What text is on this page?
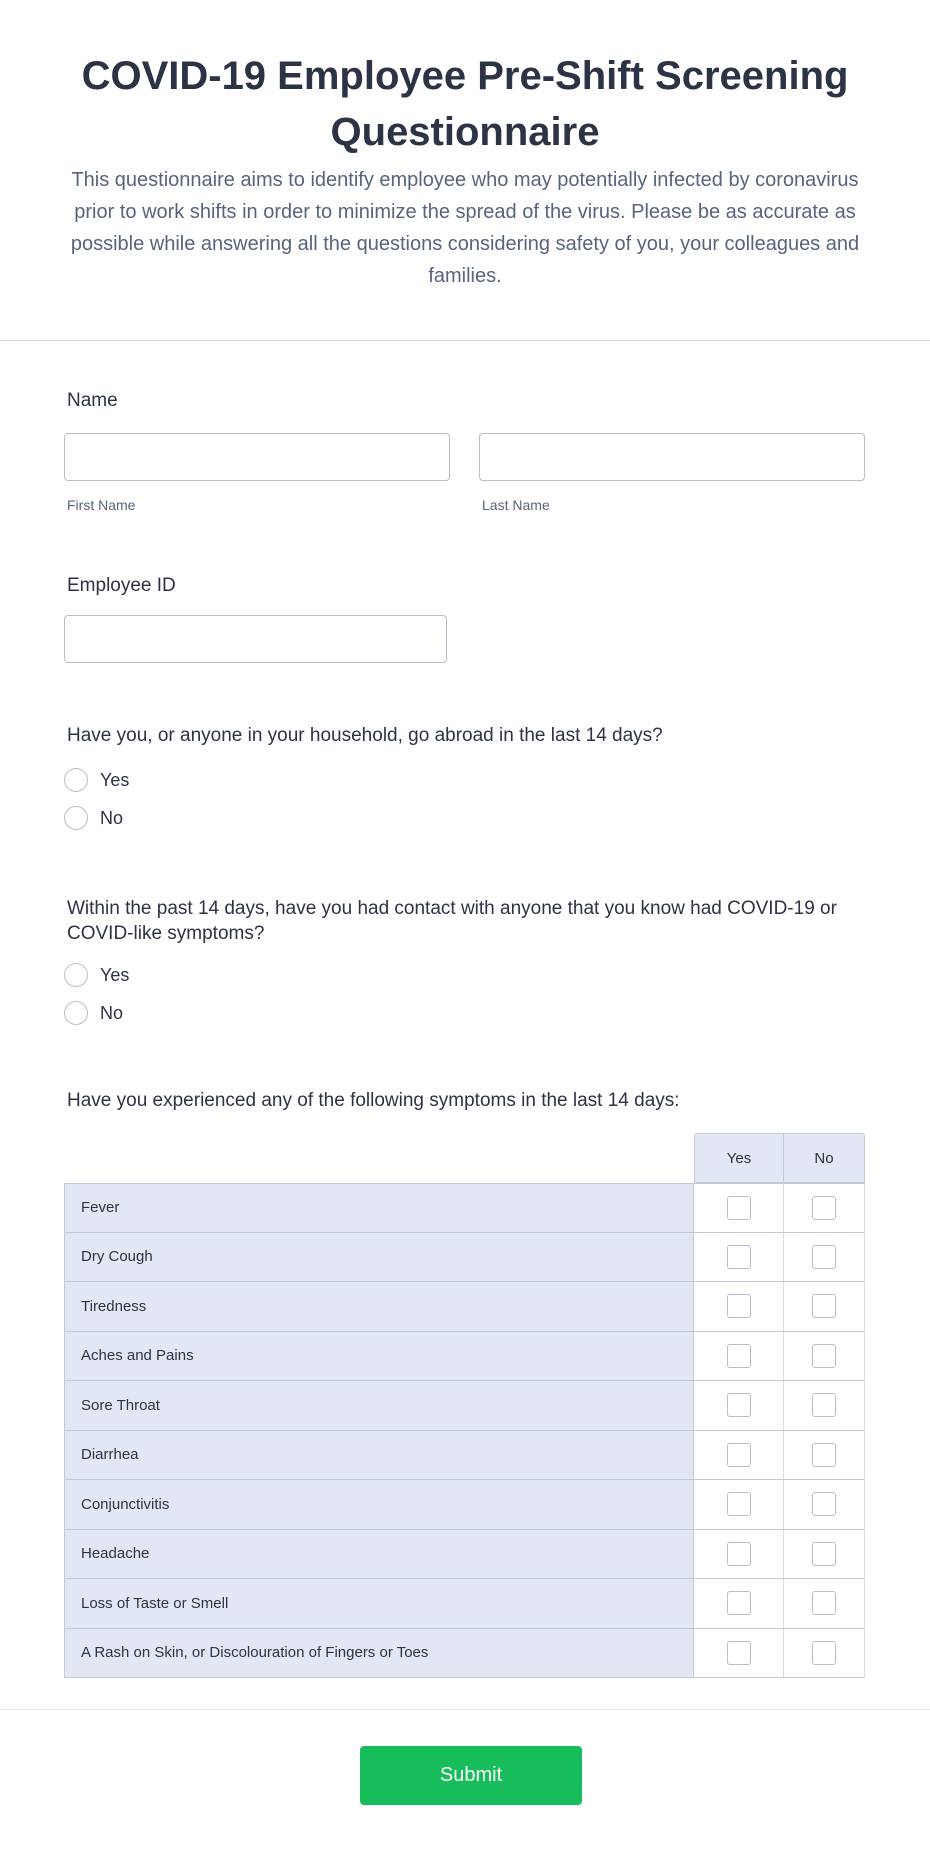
COVID-19 Employee Pre-Shift Screening Questionnaire

This questionnaire aims to identify employee who may potentially infected by coronavirus prior to work shifts in order to minimize the spread of the virus. Please be as accurate as possible while answering all the questions considering safety of you, your colleagues and families.

Name
First Name	Last Name
Employee ID
Have you, or anyone in your household, go abroad in the last 14 days?
Yes
No
Within the past 14 days, have you had contact with anyone that you know had COVID-19 or COVID-like symptoms?
Yes
No
Have you experienced any of the following symptoms in the last 14 days:
Yes	No
Fever
Dry Cough
Tiredness
Aches and Pains
Sore Throat
Diarrhea
Conjunctivitis
Headache
Loss of Taste or Smell
A Rash on Skin, or Discolouration of Fingers or Toes
Submit
